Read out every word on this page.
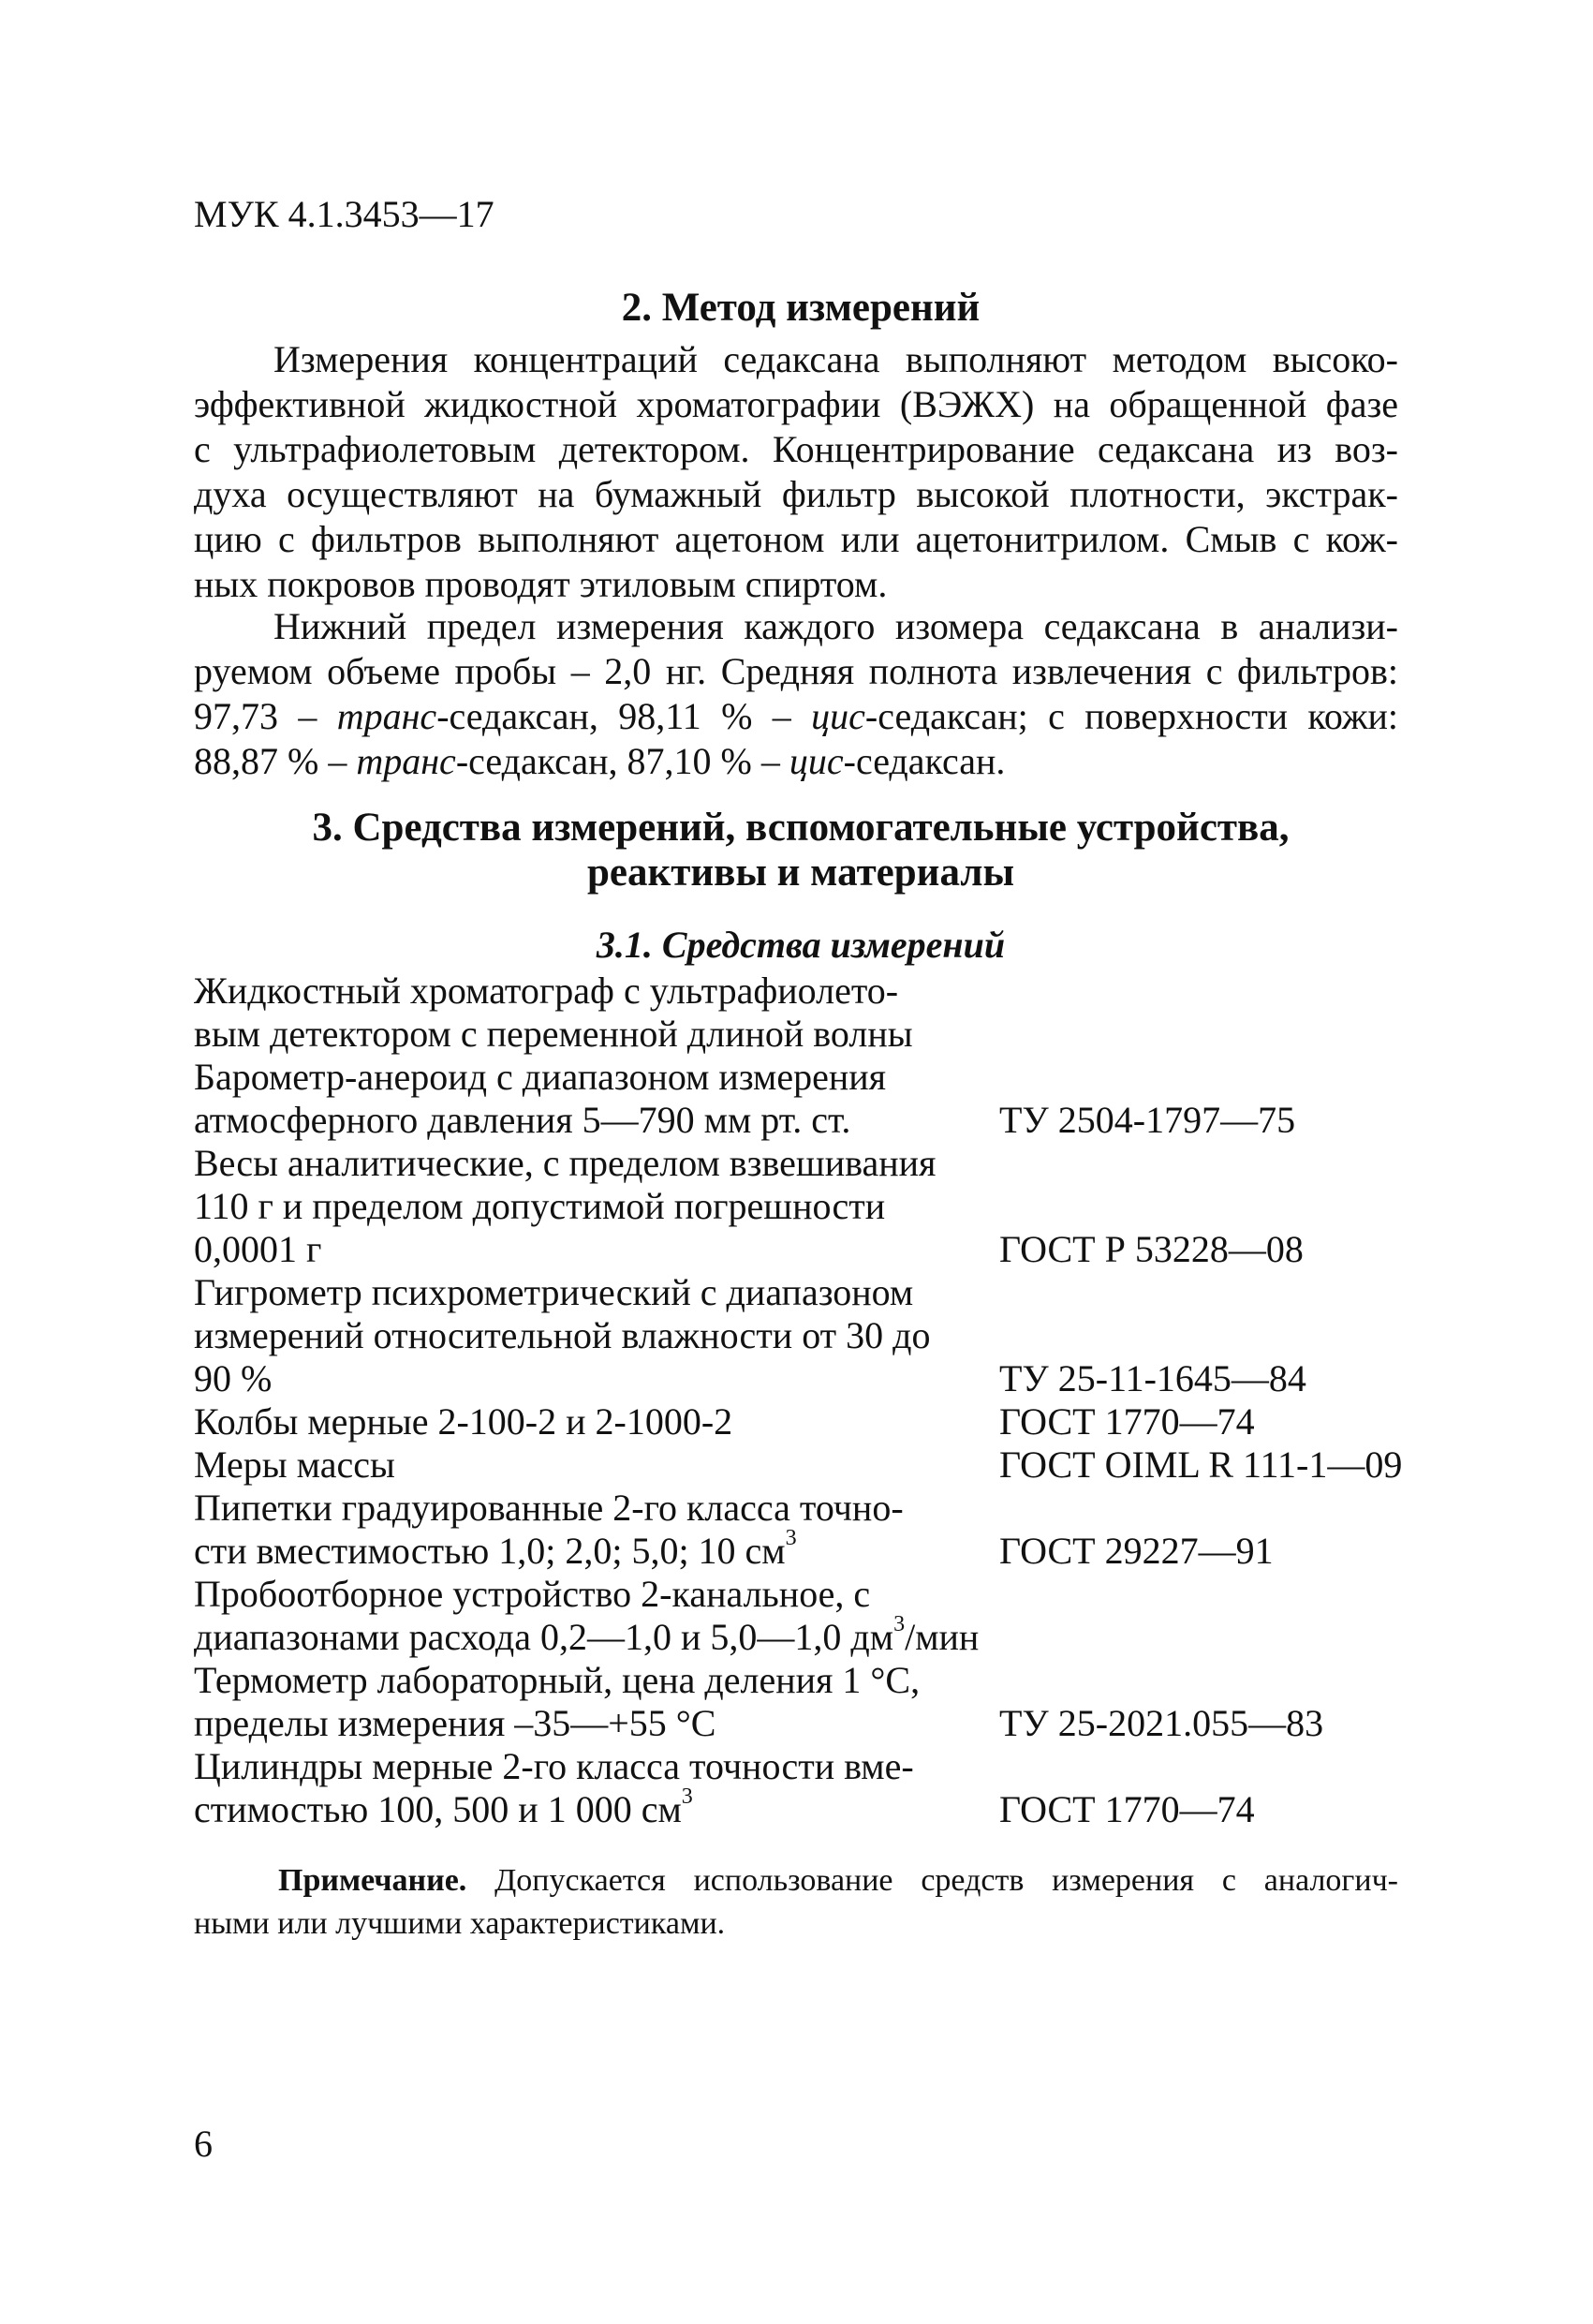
МУК 4.1.3453—17
2. Метод измерений
Измерения концентраций седаксана выполняют методом высоко-
эффективной жидкостной хроматографии (ВЭЖХ) на обращенной фазе
с ультрафиолетовым детектором. Концентрирование седаксана из воз-
духа осуществляют на бумажный фильтр высокой плотности, экстрак-
цию с фильтров выполняют ацетоном или ацетонитрилом. Смыв с кож-
ных покровов проводят этиловым спиртом.
Нижний предел измерения каждого изомера седаксана в анализи-
руемом объеме пробы – 2,0 нг. Средняя полнота извлечения с фильтров:
97,73 – транс-седаксан, 98,11 % – цис-седаксан; с поверхности кожи:
88,87 % – транс-седаксан, 87,10 % – цис-седаксан.
3. Средства измерений, вспомогательные устройства,
реактивы и материалы
3.1. Средства измерений
Жидкостный хроматограф с ультрафиолето-
вым детектором с переменной длиной волны
Барометр-анероид с диапазоном измерения
атмосферного давления 5—790 мм рт. ст.	ТУ 2504-1797—75
Весы аналитические, с пределом взвешивания
110 г и пределом допустимой погрешности
0,0001 г	ГОСТ Р 53228—08
Гигрометр психрометрический с диапазоном
измерений относительной влажности от 30 до
90 %	ТУ 25-11-1645—84
Колбы мерные 2-100-2 и 2-1000-2	ГОСТ 1770—74
Меры массы	ГОСТ OIML R 111-1—09
Пипетки градуированные 2-го класса точно-
сти вместимостью 1,0; 2,0; 5,0; 10 $см^3$	ГОСТ 29227—91
Пробоотборное устройство 2-канальное, с
диапазонами расхода 0,2—1,0 и 5,0—1,0 $дм^3$/мин
Термометр лабораторный, цена деления 1 °С,
пределы измерения –35—+55 °С	ТУ 25-2021.055—83
Цилиндры мерные 2-го класса точности вме-
стимостью 100, 500 и 1 000 $см^3$	ГОСТ 1770—74
Примечание. Допускается использование средств измерения с аналогич-
ными или лучшими характеристиками.
6
